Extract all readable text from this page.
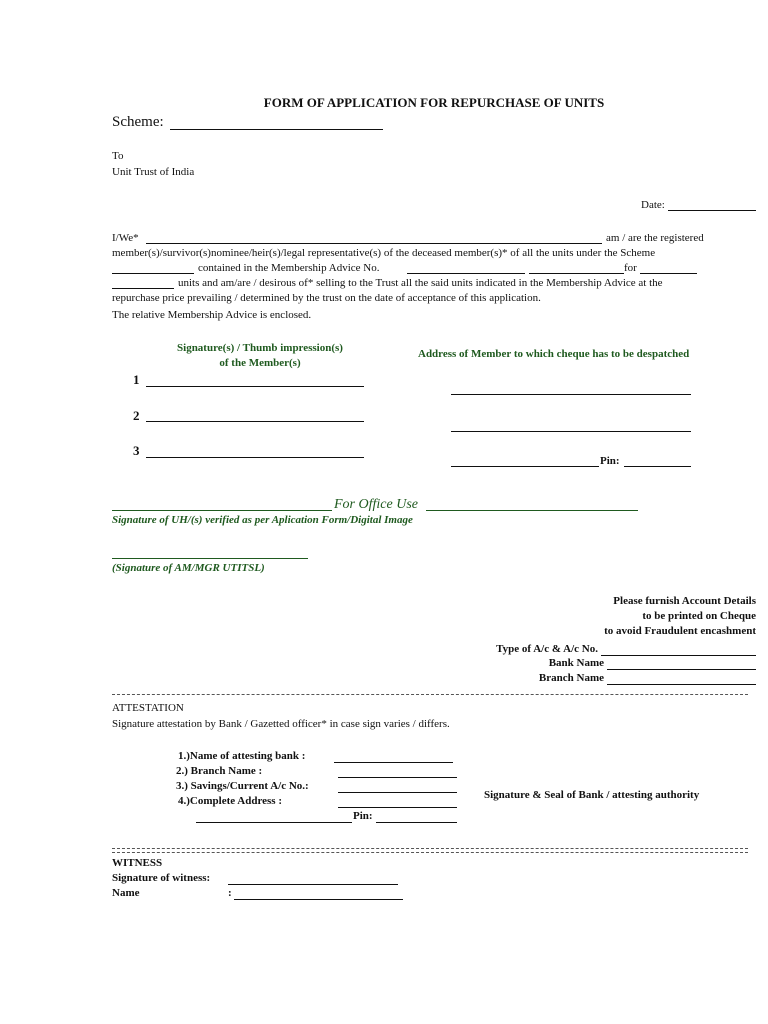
FORM OF APPLICATION FOR REPURCHASE OF UNITS
Scheme:
To
Unit Trust of India
Date:
I/We*	am / are the registered
member(s)/survivor(s)nominee/heir(s)/legal representative(s) of the deceased member(s)* of all the units under the Scheme
contained in the Membership Advice No.	for
units and am/are / desirous of* selling to the Trust all the said units indicated in the Membership Advice at the
repurchase price prevailing / determined by the trust on the date of acceptance of this application.
The relative Membership Advice is enclosed.
Signature(s) / Thumb impression(s)
of the Member(s)
1
2
3
Address of Member to which cheque has to be despatched
Pin:
For Office Use
Signature of UH/(s) verified as per Aplication Form/Digital Image
(Signature of AM/MGR UTITSL)
Please furnish Account Details
to be printed on Cheque
to avoid Fraudulent encashment
Type of A/c & A/c No.
Bank Name
Branch Name
ATTESTATION
Signature attestation by Bank / Gazetted officer* in case sign varies / differs.
1.)Name of attesting bank :
2.) Branch Name :
3.) Savings/Current A/c No.:
4.)Complete Address :
Pin:
Signature & Seal of Bank / attesting authority
WITNESS
Signature of witness:
Name	:
